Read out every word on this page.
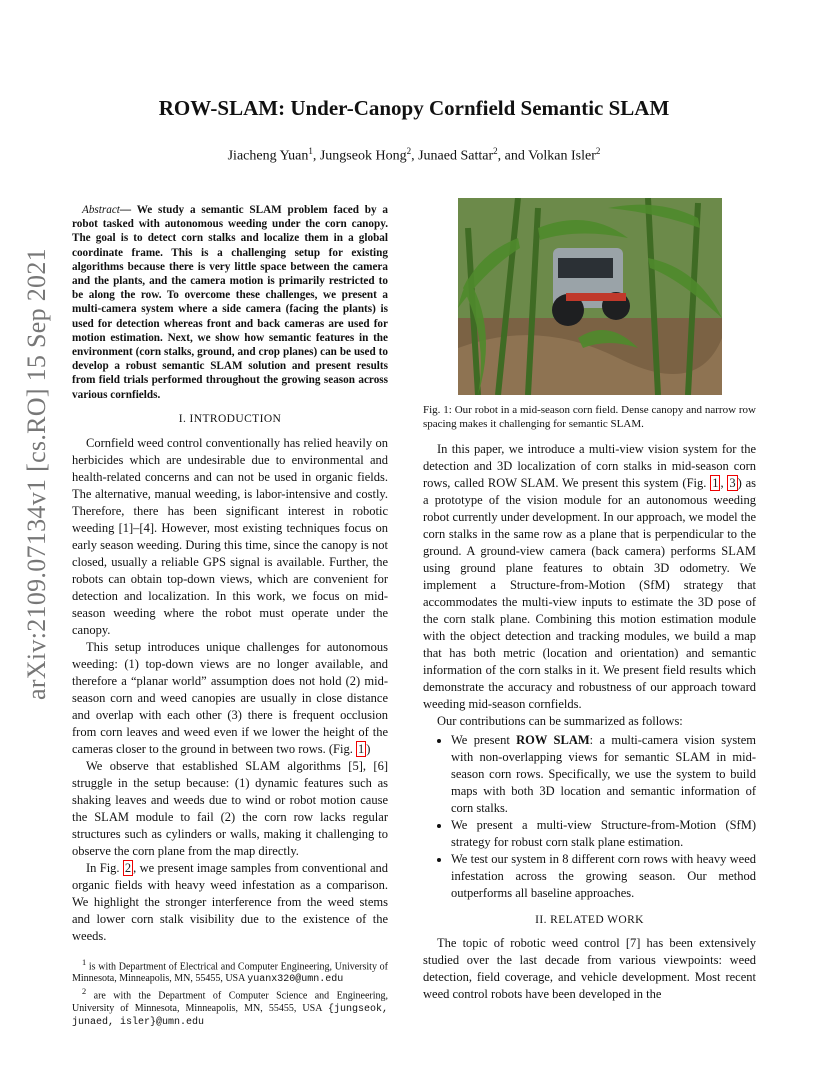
ROW-SLAM: Under-Canopy Cornfield Semantic SLAM
Jiacheng Yuan$^1$, Jungseok Hong$^2$, Junaed Sattar$^2$, and Volkan Isler$^2$
arXiv:2109.07134v1 [cs.RO] 15 Sep 2021

Abstract— We study a semantic SLAM problem faced by a robot tasked with autonomous weeding under the corn canopy. The goal is to detect corn stalks and localize them in a global coordinate frame. This is a challenging setup for existing algorithms because there is very little space between the camera and the plants, and the camera motion is primarily restricted to be along the row. To overcome these challenges, we present a multi-camera system where a side camera (facing the plants) is used for detection whereas front and back cameras are used for motion estimation. Next, we show how semantic features in the environment (corn stalks, ground, and crop planes) can be used to develop a robust semantic SLAM solution and present results from field trials performed throughout the growing season across various cornfields.

I. INTRODUCTION

Cornfield weed control conventionally has relied heavily on herbicides which are undesirable due to environmental and health-related concerns and can not be used in organic fields. The alternative, manual weeding, is labor-intensive and costly. Therefore, there has been significant interest in robotic weeding [1]–[4]. However, most existing techniques focus on early season weeding. During this time, since the canopy is not closed, usually a reliable GPS signal is available. Further, the robots can obtain top-down views, which are convenient for detection and localization. In this work, we focus on mid-season weeding where the robot must operate under the canopy.

This setup introduces unique challenges for autonomous weeding: (1) top-down views are no longer available, and therefore a “planar world” assumption does not hold (2) mid-season corn and weed canopies are usually in close distance and overlap with each other (3) there is frequent occlusion from corn leaves and weed even if we lower the height of the cameras closer to the ground in between two rows. (Fig. 1 )

We observe that established SLAM algorithms [5], [6] struggle in the setup because: (1) dynamic features such as shaking leaves and weeds due to wind or robot motion cause the SLAM module to fail (2) the corn row lacks regular structures such as cylinders or walls, making it challenging to observe the corn plane from the map directly.

In Fig. 2 , we present image samples from conventional and organic fields with heavy weed infestation as a comparison. We highlight the stronger interference from the weed stems and lower corn stalk visibility due to the existence of the weeds.

$^1$ is with Department of Electrical and Computer Engineering, University of Minnesota, Minneapolis, MN, 55455, USA yuanx320@umn.edu

$^2$ are with the Department of Computer Science and Engineering, University of Minnesota, Minneapolis, MN, 55455, USA {jungseok, junaed, isler}@umn.edu

Fig. 1: Our robot in a mid-season corn field. Dense canopy and narrow row spacing makes it challenging for semantic SLAM.

In this paper, we introduce a multi-view vision system for the detection and 3D localization of corn stalks in mid-season corn rows, called ROW SLAM. We present this system (Fig. 1 , 3 ) as a prototype of the vision module for an autonomous weeding robot currently under development. In our approach, we model the corn stalks in the same row as a plane that is perpendicular to the ground. A ground-view camera (back camera) performs SLAM using ground plane features to obtain 3D odometry. We implement a Structure-from-Motion (SfM) strategy that accommodates the multi-view inputs to estimate the 3D pose of the corn stalk plane. Combining this motion estimation module with the object detection and tracking modules, we build a map that has both metric (location and orientation) and semantic information of the corn stalks in it. We present field results which demonstrate the accuracy and robustness of our approach toward weeding mid-season cornfields.

Our contributions can be summarized as follows:

• We present ROW SLAM: a multi-camera vision system with non-overlapping views for semantic SLAM in mid-season corn rows. Specifically, we use the system to build maps with both 3D location and semantic information of corn stalks.
• We present a multi-view Structure-from-Motion (SfM) strategy for robust corn stalk plane estimation.
• We test our system in 8 different corn rows with heavy weed infestation across the growing season. Our method outperforms all baseline approaches.
II. RELATED WORK

The topic of robotic weed control [7] has been extensively studied over the last decade from various viewpoints: weed detection, field coverage, and vehicle development. Most recent weed control robots have been developed in the
